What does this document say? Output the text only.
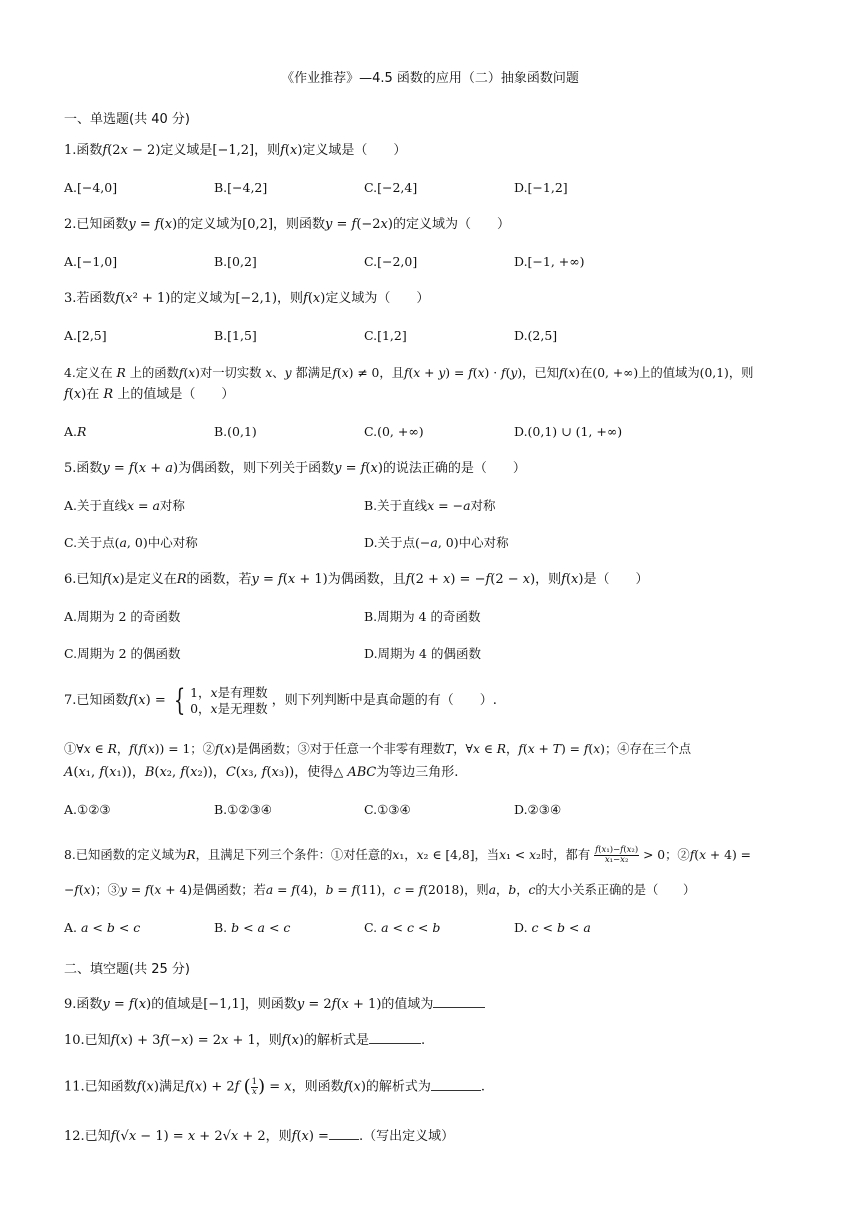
《作业推荐》—4.5 函数的应用（二）抽象函数问题
一、单选题(共 40 分)
1.函数𝑓(2𝑥 − 2)定义域是[−1,2]，则𝑓(𝑥)定义域是（　　）
A.[−4,0]	B.[−4,2]	C.[−2,4]	D.[−1,2]
2.已知函数𝑦 = 𝑓(𝑥)的定义域为[0,2]，则函数𝑦 = 𝑓(−2𝑥)的定义域为（　　）
A.[−1,0]	B.[0,2]	C.[−2,0]	D.[−1, +∞)
3.若函数𝑓(𝑥² + 1)的定义域为[−2,1)，则𝑓(𝑥)定义域为（　　）
A.[2,5]	B.[1,5]	C.[1,2]	D.(2,5]
4.定义在 𝑅 上的函数𝑓(𝑥)对一切实数 𝑥、𝑦 都满足𝑓(𝑥) ≠ 0，且𝑓(𝑥 + 𝑦) = 𝑓(𝑥) · 𝑓(𝑦)，已知𝑓(𝑥)在(0, +∞)上的值域为(0,1)，则
𝑓(𝑥)在 𝑅 上的值域是（　　）
A.𝑅	B.(0,1)	C.(0, +∞)	D.(0,1) ∪ (1, +∞)
5.函数𝑦 = 𝑓(𝑥 + 𝑎)为偶函数，则下列关于函数𝑦 = 𝑓(𝑥)的说法正确的是（　　）
A.关于直线𝑥 = 𝑎对称	B.关于直线𝑥 = −𝑎对称
C.关于点(𝑎, 0)中心对称	D.关于点(−𝑎, 0)中心对称
6.已知𝑓(𝑥)是定义在𝑅的函数，若𝑦 = 𝑓(𝑥 + 1)为偶函数，且𝑓(2 + 𝑥) = −𝑓(2 − 𝑥)，则𝑓(𝑥)是（　　）
A.周期为 2 的奇函数	B.周期为 4 的奇函数
C.周期为 2 的偶函数	D.周期为 4 的偶函数
7.已知函数𝑓(𝑥) = { 1，𝑥是有理数
0，𝑥是无理数 ，则下列判断中是真命题的有（　　）.
①∀𝑥 ∈ 𝑅，𝑓(𝑓(𝑥)) = 1；②𝑓(𝑥)是偶函数；③对于任意一个非零有理数𝑇，∀𝑥 ∈ 𝑅，𝑓(𝑥 + 𝑇) = 𝑓(𝑥)；④存在三个点
𝐴(𝑥₁, 𝑓(𝑥₁))，𝐵(𝑥₂, 𝑓(𝑥₂))，𝐶(𝑥₃, 𝑓(𝑥₃))，使得△ 𝐴𝐵𝐶为等边三角形.
A.①②③	B.①②③④	C.①③④	D.②③④
8.已知函数的定义域为𝑅，且满足下列三个条件：①对任意的𝑥₁，𝑥₂ ∈ [4,8]，当𝑥₁ < 𝑥₂时，都有 $\frac{\text{𝑓(𝑥₁)−𝑓(𝑥₂)}}{\text{𝑥₁−𝑥₂}} > 0$；②𝑓(𝑥 + 4) =
−𝑓(𝑥)；③𝑦 = 𝑓(𝑥 + 4)是偶函数；若𝑎 = 𝑓(4)，𝑏 = 𝑓(11)，𝑐 = 𝑓(2018)，则𝑎，𝑏，𝑐的大小关系正确的是（　　）
A. 𝑎 < 𝑏 < 𝑐	B. 𝑏 < 𝑎 < 𝑐	C. 𝑎 < 𝑐 < 𝑏	D. 𝑐 < 𝑏 < 𝑎
二、填空题(共 25 分)
9.函数𝑦 = 𝑓(𝑥)的值域是[−1,1]，则函数𝑦 = 2𝑓(𝑥 + 1)的值域为
10.已知𝑓(𝑥) + 3𝑓(−𝑥) = 2𝑥 + 1，则𝑓(𝑥)的解析式是	.
11.已知函数𝑓(𝑥)满足𝑓(𝑥) + 2𝑓 ( $\frac{1}{\text{𝑥}}$ ) = 𝑥，则函数𝑓(𝑥)的解析式为	.
12.已知𝑓(√𝑥 − 1) = 𝑥 + 2√𝑥 + 2，则𝑓(𝑥) = .（写出定义域）
